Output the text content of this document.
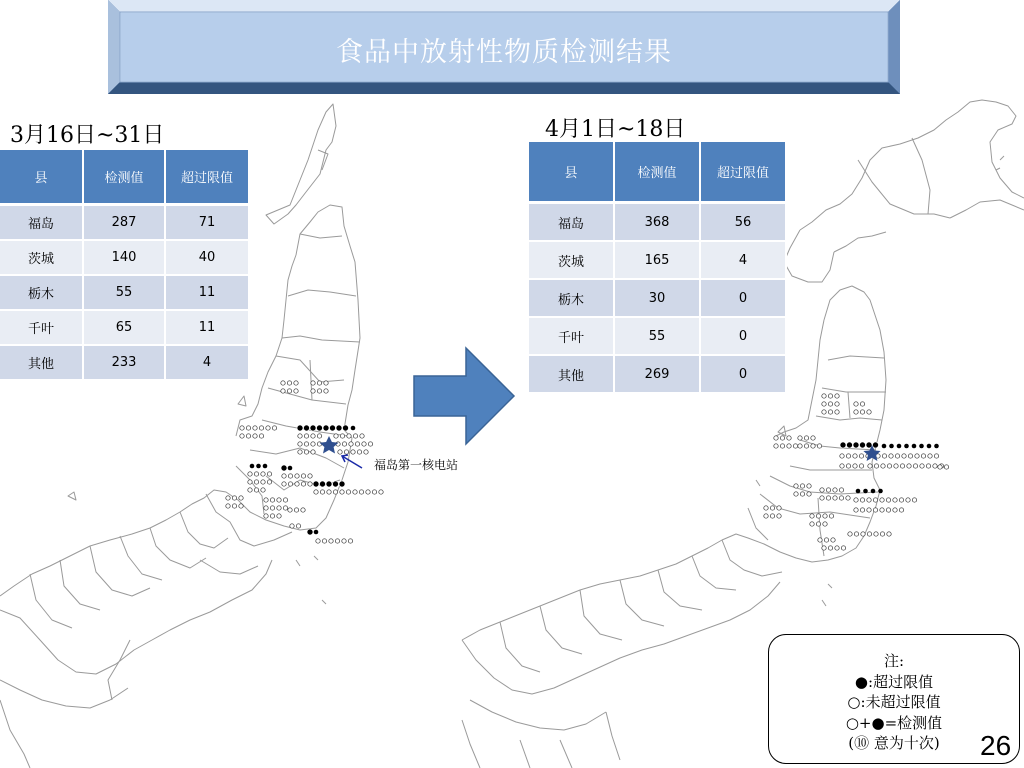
食品中放射性物质检测结果
3月16日~31日
县	检测值	超过限值
福岛	287	71
茨城	140	40
栃木	55	11
千叶	65	11
其他	233	4
福岛第一核电站
4月1日~18日
县	检测值	超过限值
福岛	368	56
茨城	165	4
栃木	30	0
千叶	55	0
其他	269	0
注:
●:超过限值
○:未超过限值
○+●=检测值
(⑩ 意为十次)	26
